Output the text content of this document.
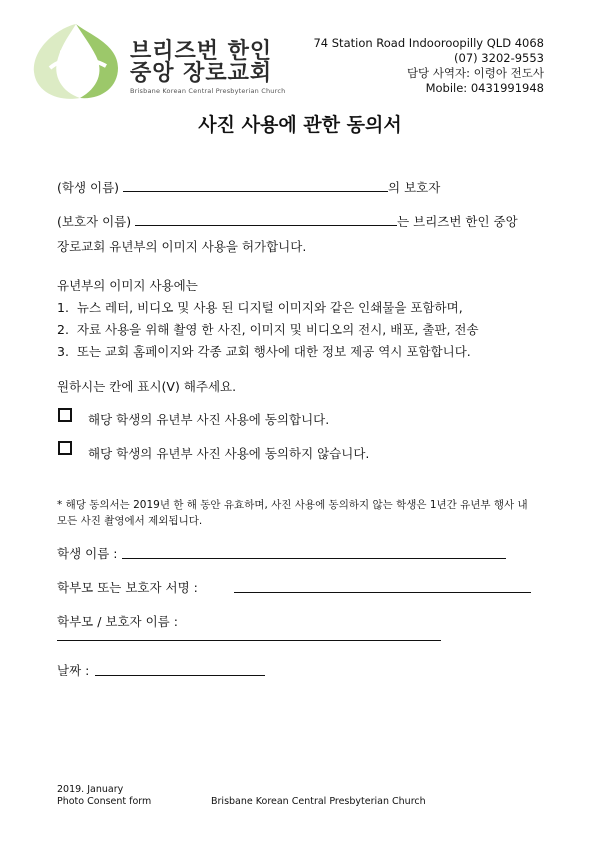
브리즈번 한인
중앙 장로교회
Brisbane Korean Central Presbyterian Church
74 Station Road Indooroopilly QLD 4068
(07) 3202-9553
담당 사역자: 이령아 전도사
Mobile: 0431991948
사진 사용에 관한 동의서
(학생 이름)	의 보호자
(보호자 이름)	는 브리즈번 한인 중앙
장로교회 유년부의 이미지 사용을 허가합니다.
유년부의 이미지 사용에는
1. 뉴스 레터, 비디오 및 사용 된 디지털 이미지와 같은 인쇄물을 포함하며,
2. 자료 사용을 위해 촬영 한 사진, 이미지 및 비디오의 전시, 배포, 출판, 전송
3. 또는 교회 홈페이지와 각종 교회 행사에 대한 정보 제공 역시 포함합니다.
원하시는 칸에 표시(V) 해주세요.
해당 학생의 유년부 사진 사용에 동의합니다.
해당 학생의 유년부 사진 사용에 동의하지 않습니다.
* 해당 동의서는 2019년 한 해 동안 유효하며, 사진 사용에 동의하지 않는 학생은 1년간 유년부 행사 내
모든 사진 촬영에서 제외됩니다.
학생 이름 :
학부모 또는 보호자 서명 :
학부모 / 보호자 이름 :
날짜 :
2019. January
Photo Consent form	Brisbane Korean Central Presbyterian Church
